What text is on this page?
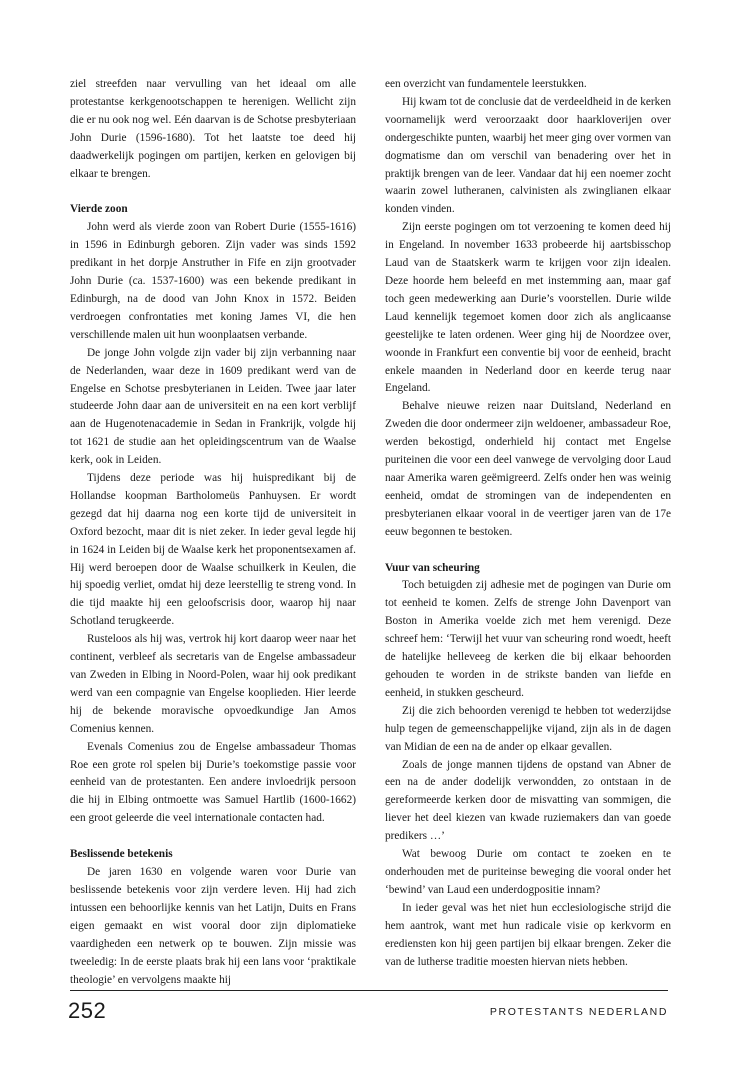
ziel streefden naar vervulling van het ideaal om alle protestantse kerkgenootschappen te herenigen. Wellicht zijn die er nu ook nog wel. Eén daarvan is de Schotse presbyteriaan John Durie (1596-1680). Tot het laatste toe deed hij daadwerkelijk pogingen om partijen, kerken en gelovigen bij elkaar te brengen.

Vierde zoon

John werd als vierde zoon van Robert Durie (1555-1616) in 1596 in Edinburgh geboren. Zijn vader was sinds 1592 predikant in het dorpje Anstruther in Fife en zijn grootvader John Durie (ca. 1537-1600) was een bekende predikant in Edinburgh, na de dood van John Knox in 1572. Beiden verdroegen confrontaties met koning James VI, die hen verschillende malen uit hun woonplaatsen verbande.

De jonge John volgde zijn vader bij zijn verbanning naar de Nederlanden, waar deze in 1609 predikant werd van de Engelse en Schotse presbyterianen in Leiden. Twee jaar later studeerde John daar aan de universiteit en na een kort verblijf aan de Hugenotenacademie in Sedan in Frankrijk, volgde hij tot 1621 de studie aan het opleidingscentrum van de Waalse kerk, ook in Leiden.

Tijdens deze periode was hij huispredikant bij de Hollandse koopman Bartholomeüs Panhuysen. Er wordt gezegd dat hij daarna nog een korte tijd de universiteit in Oxford bezocht, maar dit is niet zeker. In ieder geval legde hij in 1624 in Leiden bij de Waalse kerk het proponentsexamen af. Hij werd beroepen door de Waalse schuilkerk in Keulen, die hij spoedig verliet, omdat hij deze leerstellig te streng vond. In die tijd maakte hij een geloofscrisis door, waarop hij naar Schotland terugkeerde.

Rusteloos als hij was, vertrok hij kort daarop weer naar het continent, verbleef als secretaris van de Engelse ambassadeur van Zweden in Elbing in Noord-Polen, waar hij ook predikant werd van een compagnie van Engelse kooplieden. Hier leerde hij de bekende moravische opvoedkundige Jan Amos Comenius kennen.

Evenals Comenius zou de Engelse ambassadeur Thomas Roe een grote rol spelen bij Durie’s toekomstige passie voor eenheid van de protestanten. Een andere invloedrijk persoon die hij in Elbing ontmoette was Samuel Hartlib (1600-1662) een groot geleerde die veel internationale contacten had.

Beslissende betekenis

De jaren 1630 en volgende waren voor Durie van beslissende betekenis voor zijn verdere leven. Hij had zich intussen een behoorlijke kennis van het Latijn, Duits en Frans eigen gemaakt en wist vooral door zijn diplomatieke vaardigheden een netwerk op te bouwen. Zijn missie was tweeledig: In de eerste plaats brak hij een lans voor ‘praktikale theologie’ en vervolgens maakte hij

een overzicht van fundamentele leerstukken.

Hij kwam tot de conclusie dat de verdeeldheid in de kerken voornamelijk werd veroorzaakt door haarkloverijen over ondergeschikte punten, waarbij het meer ging over vormen van dogmatisme dan om verschil van benadering over het in praktijk brengen van de leer. Vandaar dat hij een noemer zocht waarin zowel lutheranen, calvinisten als zwinglianen elkaar konden vinden.

Zijn eerste pogingen om tot verzoening te komen deed hij in Engeland. In november 1633 probeerde hij aartsbisschop Laud van de Staatskerk warm te krijgen voor zijn idealen. Deze hoorde hem beleefd en met instemming aan, maar gaf toch geen medewerking aan Durie’s voorstellen. Durie wilde Laud kennelijk tegemoet komen door zich als anglicaanse geestelijke te laten ordenen. Weer ging hij de Noordzee over, woonde in Frankfurt een conventie bij voor de eenheid, bracht enkele maanden in Nederland door en keerde terug naar Engeland.

Behalve nieuwe reizen naar Duitsland, Nederland en Zweden die door ondermeer zijn weldoener, ambassadeur Roe, werden bekostigd, onderhield hij contact met Engelse puriteinen die voor een deel vanwege de vervolging door Laud naar Amerika waren geëmigreerd. Zelfs onder hen was weinig eenheid, omdat de stromingen van de independenten en presbyterianen elkaar vooral in de veertiger jaren van de 17e eeuw begonnen te bestoken.

Vuur van scheuring

Toch betuigden zij adhesie met de pogingen van Durie om tot eenheid te komen. Zelfs de strenge John Davenport van Boston in Amerika voelde zich met hem verenigd. Deze schreef hem: ‘Terwijl het vuur van scheuring rond woedt, heeft de hatelijke helleveeg de kerken die bij elkaar behoorden gehouden te worden in de strikste banden van liefde en eenheid, in stukken gescheurd.

Zij die zich behoorden verenigd te hebben tot wederzijdse hulp tegen de gemeenschappelijke vijand, zijn als in de dagen van Midian de een na de ander op elkaar gevallen.

Zoals de jonge mannen tijdens de opstand van Abner de een na de ander dodelijk verwondden, zo ontstaan in de gereformeerde kerken door de misvatting van sommigen, die liever het deel kiezen van kwade ruziemakers dan van goede predikers …’

Wat bewoog Durie om contact te zoeken en te onderhouden met de puriteinse beweging die vooral onder het ‘bewind’ van Laud een underdogpositie innam?

In ieder geval was het niet hun ecclesiologische strijd die hem aantrok, want met hun radicale visie op kerkvorm en erediensten kon hij geen partijen bij elkaar brengen. Zeker die van de lutherse traditie moesten hiervan niets hebben.

252	PROTESTANTS NEDERLAND
